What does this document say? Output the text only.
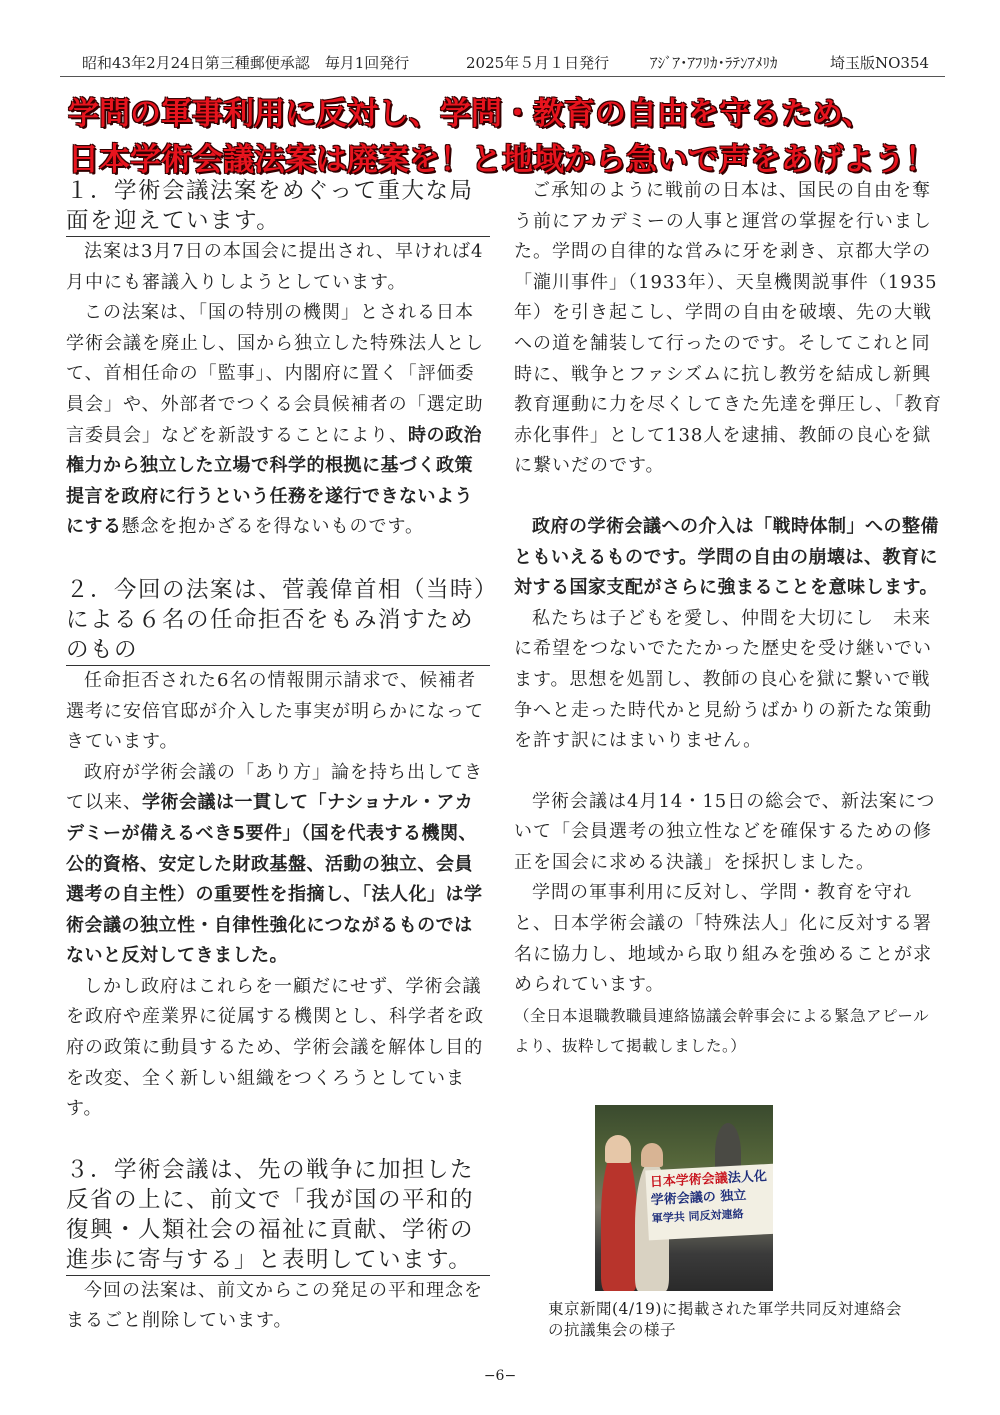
昭和43年2月24日第三種郵便承認　毎月1回発行	2025年５月１日発行	ｱｼﾞｱ･ｱﾌﾘｶ･ﾗﾃﾝｱﾒﾘｶ	埼玉版NO354
学問の軍事利用に反対し、学問・教育の自由を守るため、
日本学術会議法案は廃案を！と地域から急いで声をあげよう！
１．学術会議法案をめぐって重大な局面を迎えています。

法案は3月7日の本国会に提出され、早ければ4月中にも審議入りしようとしています。

この法案は、「国の特別の機関」とされる日本学術会議を廃止し、国から独立した特殊法人として、首相任命の「監事」、内閣府に置く「評価委員会」や、外部者でつくる会員候補者の「選定助言委員会」などを新設することにより、時の政治権力から独立した立場で科学的根拠に基づく政策提言を政府に行うという任務を遂行できないようにする懸念を抱かざるを得ないものです。

２．今回の法案は、菅義偉首相（当時）による６名の任命拒否をもみ消すためのもの

任命拒否された6名の情報開示請求で、候補者選考に安倍官邸が介入した事実が明らかになってきています。

政府が学術会議の「あり方」論を持ち出してきて以来、学術会議は一貫して「ナショナル・アカデミーが備えるべき5要件」（国を代表する機関、公的資格、安定した財政基盤、活動の独立、会員選考の自主性）の重要性を指摘し、「法人化」は学術会議の独立性・自律性強化につながるものではないと反対してきました。

しかし政府はこれらを一顧だにせず、学術会議を政府や産業界に従属する機関とし、科学者を政府の政策に動員するため、学術会議を解体し目的を改変、全く新しい組織をつくろうとしています。

３．学術会議は、先の戦争に加担した反省の上に、前文で「我が国の平和的復興・人類社会の福祉に貢献、学術の進歩に寄与する」と表明しています。

今回の法案は、前文からこの発足の平和理念をまるごと削除しています。

ご承知のように戦前の日本は、国民の自由を奪う前にアカデミーの人事と運営の掌握を行いました。学問の自律的な営みに牙を剥き、京都大学の「瀧川事件」（1933年）、天皇機関説事件（1935年）を引き起こし、学問の自由を破壊、先の大戦への道を舗装して行ったのです。そしてこれと同時に、戦争とファシズムに抗し教労を結成し新興教育運動に力を尽くしてきた先達を弾圧し、「教育赤化事件」として138人を逮捕、教師の良心を獄に繋いだのです。

政府の学術会議への介入は「戦時体制」への整備ともいえるものです。学問の自由の崩壊は、教育に対する国家支配がさらに強まることを意味します。

私たちは子どもを愛し、仲間を大切にし　未来に希望をつないでたたかった歴史を受け継いでいます。思想を処罰し、教師の良心を獄に繋いで戦争へと走った時代かと見紛うばかりの新たな策動を許す訳にはまいりません。

学術会議は4月14・15日の総会で、新法案について「会員選考の独立性などを確保するための修正を国会に求める決議」を採択しました。

学問の軍事利用に反対し、学問・教育を守れと、日本学術会議の「特殊法人」化に反対する署名に協力し、地域から取り組みを強めることが求められています。

（全日本退職教職員連絡協議会幹事会による緊急アピールより、抜粋して掲載しました。）

日本学術会議法人化
学術会議の 独立
軍学共 同反対連絡
東京新聞(4/19)に掲載された軍学共同反対連絡会
の抗議集会の様子
−6−
